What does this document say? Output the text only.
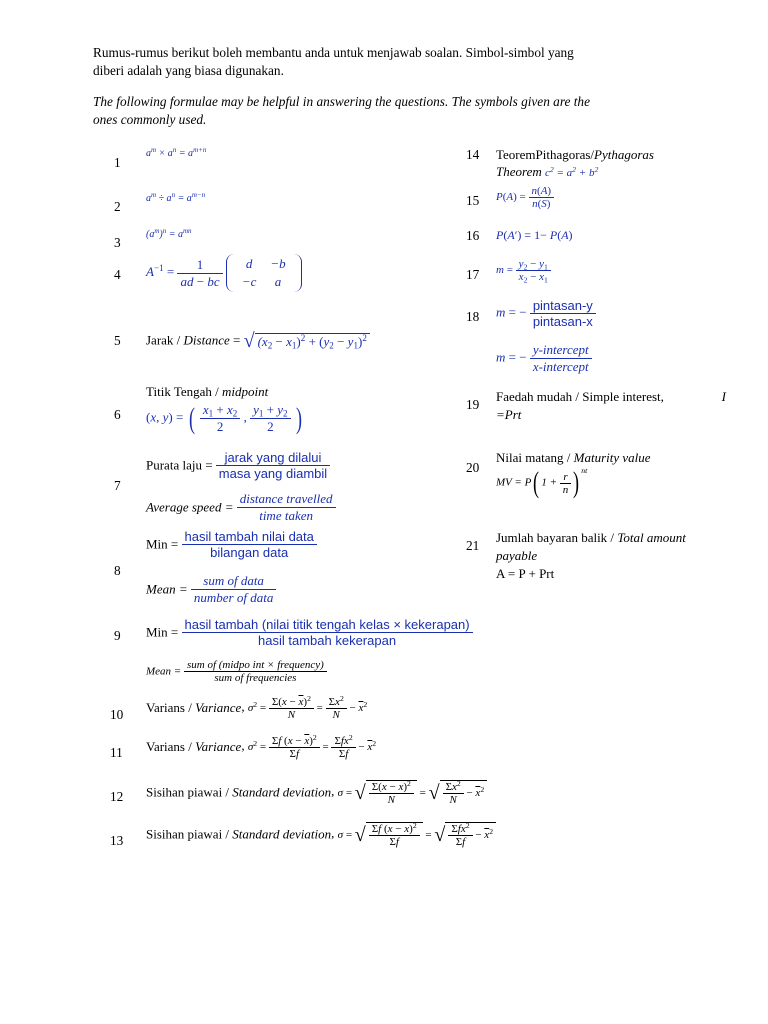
Rumus-rumus berikut boleh membantu anda untuk menjawab soalan. Simbol-simbol yang
diberi adalah yang biasa digunakan.
The following formulae may be helpful in answering the questions. The symbols given are the
ones commonly used.
1
2
3
4
5
6
7
8
9
10
11
12
13
14
15
16
17
18
19
20
21
$a^m \times a^n = a^{m+n}$
$a^m \div a^n = a^{m-n}$
$(a^m)^n = a^{mn}$
$A^{-1} = \frac{1}{ad - bc}$
d	−b
−c	a
Jarak / Distance = √ $(x_2 - x_1)^2 + (y_2 - y_1)^2$
Titik Tengah / midpoint
(x, y) = ( $\frac{x_1 + x_2}{2}$ , $\frac{y_1 + y_2}{2}$ )
Purata laju = $\frac{\text{jarak yang dilalui}}{\text{masa yang diambil}}$
Average speed = $\frac{\text{distance travelled}}{\text{time taken}}$
Min = $\frac{\text{hasil tambah nilai data}}{\text{bilangan data}}$
Mean = $\frac{\text{sum of data}}{\text{number of data}}$
Min = $\frac{\text{hasil tambah (nilai titik tengah kelas × kekerapan)}}{\text{hasil tambah kekerapan}}$
Mean = $\frac{\text{sum of (midpo int × frequency)}}{\text{sum of frequencies}}$
Varians / Variance, $\sigma^2 = \frac{\Sigma(x - \overline{x})^2}{N} = \frac{\Sigma x^2}{N} - \overline{x}^2$
Varians / Variance, $\sigma^2 = \frac{\Sigma f (x - \overline{x})^2}{\Sigma f} = \frac{\Sigma fx^2}{\Sigma f} - \overline{x}^2$
Sisihan piawai / Standard deviation, σ = √ $\frac{\Sigma(x - \overline{x})^2}{N}$ = √ $\frac{\Sigma x^2}{N} - \overline{x}^2$
Sisihan piawai / Standard deviation, σ = √ $\frac{\Sigma f (x - \overline{x})^2}{\Sigma f}$ = √ $\frac{\Sigma fx^2}{\Sigma f} - \overline{x}^2$
TeoremPithagoras/Pythagoras
Theorem $c^2 = a^2 + b^2$
$P(A) = \frac{n(A)}{n(S)}$
P(A′) = 1− P(A)
$m = \frac{y_2 - y_1}{x_2 - x_1}$
m = − $\frac{\text{pintasan-y}}{\text{pintasan-x}}$
m = − $\frac{\text{y-intercept}}{\text{x-intercept}}$
Faedah mudah / Simple interest,	I
=Prt
Nilai matang / Maturity value
MV = P( $1 + \frac{r}{n}$ ) $^{nt}$
Jumlah bayaran balik / Total amount
payable
A = P + Prt
